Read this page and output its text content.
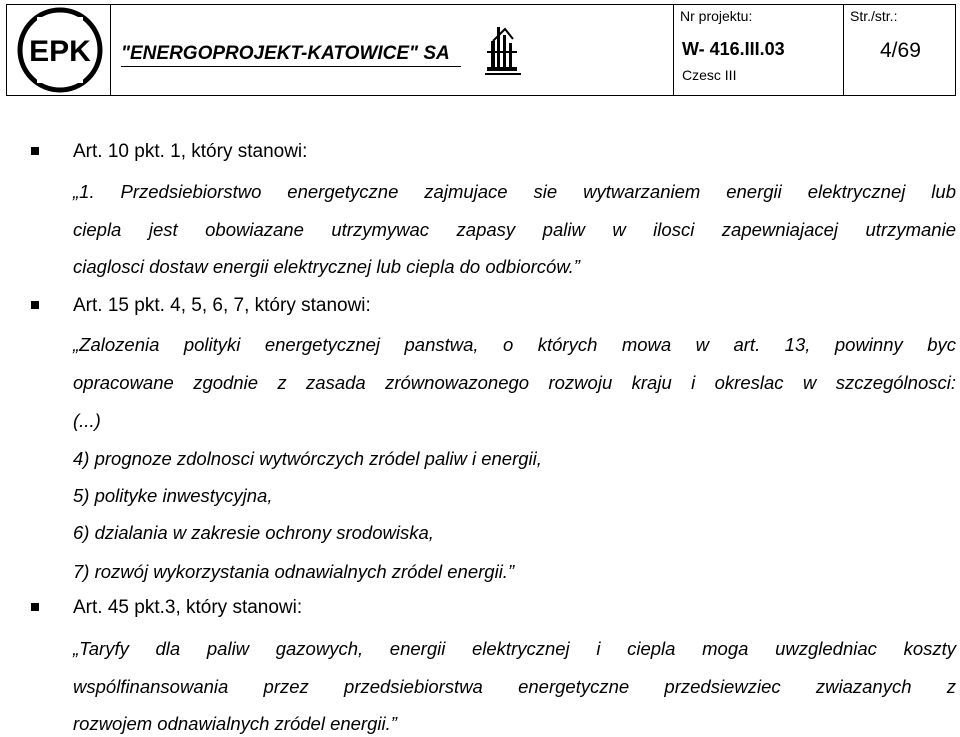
EPK "ENERGOPROJEKT-KATOWICE" SA
Nr projektu:
W- 416.III.03
Czesc III
Str./str.:
4/69
Art. 10 pkt. 1, który stanowi:
„1. Przedsiebiorstwo energetyczne zajmujace sie wytwarzaniem energii elektrycznej lub
ciepla jest obowiazane utrzymywac zapasy paliw w ilosci zapewniajacej utrzymanie
ciaglosci dostaw energii elektrycznej lub ciepla do odbiorców.”
Art. 15 pkt. 4, 5, 6, 7, który stanowi:
„Zalozenia polityki energetycznej panstwa, o których mowa w art. 13, powinny byc
opracowane zgodnie z zasada zrównowazonego rozwoju kraju i okreslac w szczególnosci:
(...)
4) prognoze zdolnosci wytwórczych zródel paliw i energii,
5) polityke inwestycyjna,
6) dzialania w zakresie ochrony srodowiska,
7) rozwój wykorzystania odnawialnych zródel energii.”
Art. 45 pkt.3, który stanowi:
„Taryfy dla paliw gazowych, energii elektrycznej i ciepla moga uwzgledniac koszty
wspólfinansowania przez przedsiebiorstwa energetyczne przedsiewziec zwiazanych z
rozwojem odnawialnych zródel energii.”
